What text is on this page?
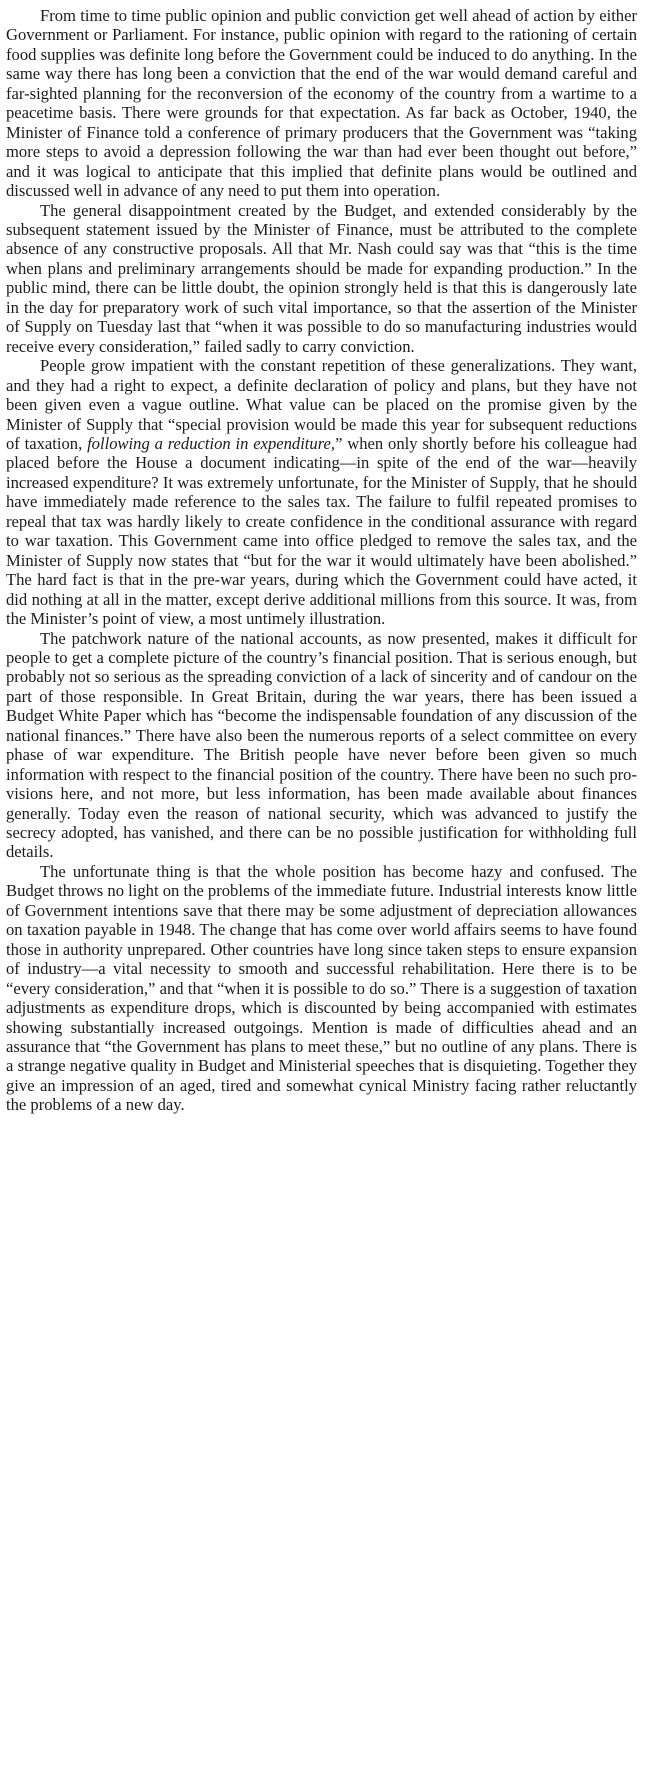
From time to time public opinion and public conviction get well ahead of action by either Government or Parliament. For instance, public opinion with regard to the rationing of certain food supplies was definite long before the Government could be induced to do anything. In the same way there has long been a conviction that the end of the war would demand careful and far-sighted planning for the reconversion of the economy of the country from a wartime to a peacetime basis. There were grounds for that expectation. As far back as October, 1940, the Minister of Finance told a conference of primary producers that the Government was “taking more steps to avoid a depression following the war than had ever been thought out before,” and it was logical to anticipate that this implied that definite plans would be outlined and discussed well in advance of any need to put them into operation.

The general disappointment created by the Budget, and extended considerably by the subsequent statement issued by the Minister of Finance, must be attributed to the complete absence of any constructive proposals. All that Mr. Nash could say was that “this is the time when plans and preliminary arrangements should be made for expanding production.” In the public mind, there can be little doubt, the opinion strongly held is that this is dangerously late in the day for preparatory work of such vital importance, so that the assertion of the Minister of Supply on Tuesday last that “when it was possible to do so manufacturing industries would receive every consideration,” failed sadly to carry conviction.

People grow impatient with the constant repetition of these generalizations. They want, and they had a right to expect, a definite declaration of policy and plans, but they have not been given even a vague outline. What value can be placed on the promise given by the Minister of Supply that “special provision would be made this year for subsequent reductions of taxation, following a reduction in expenditure,” when only shortly before his colleague had placed before the House a document indicating—in spite of the end of the war—heavily increased expenditure? It was extremely unfortunate, for the Minister of Supply, that he should have immediately made reference to the sales tax. The failure to fulfil repeated promises to repeal that tax was hardly likely to create confidence in the conditional assurance with regard to war taxation. This Government came into office pledged to remove the sales tax, and the Minister of Supply now states that “but for the war it would ultimately have been abolished.” The hard fact is that in the pre-war years, during which the Government could have acted, it did nothing at all in the matter, except derive additional millions from this source. It was, from the Minister’s point of view, a most untimely illustration.

The patchwork nature of the national accounts, as now presented, makes it difficult for people to get a complete picture of the country’s financial position. That is serious enough, but probably not so serious as the spreading conviction of a lack of sincerity and of candour on the part of those responsible. In Great Britain, during the war years, there has been issued a Budget White Paper which has “become the indispensable foundation of any discussion of the national finances.” There have also been the numerous reports of a select committee on every phase of war expenditure. The British people have never before been given so much information with respect to the financial position of the country. There have been no such provisions here, and not more, but less information, has been made available about finances generally. Today even the reason of national security, which was advanced to justify the secrecy adopted, has vanished, and there can be no possible justification for withholding full details.

The unfortunate thing is that the whole position has become hazy and confused. The Budget throws no light on the problems of the immediate future. Industrial interests know little of Government intentions save that there may be some adjustment of depreciation allowances on taxation payable in 1948. The change that has come over world affairs seems to have found those in authority unprepared. Other countries have long since taken steps to ensure expansion of industry—a vital necessity to smooth and successful rehabilitation. Here there is to be “every consideration,” and that “when it is possible to do so.” There is a suggestion of taxation adjustments as expenditure drops, which is discounted by being accompanied with estimates showing substantially increased outgoings. Mention is made of difficulties ahead and an assurance that “the Government has plans to meet these,” but no outline of any plans. There is a strange negative quality in Budget and Ministerial speeches that is disquieting. Together they give an impression of an aged, tired and somewhat cynical Ministry facing rather reluctantly the problems of a new day.
